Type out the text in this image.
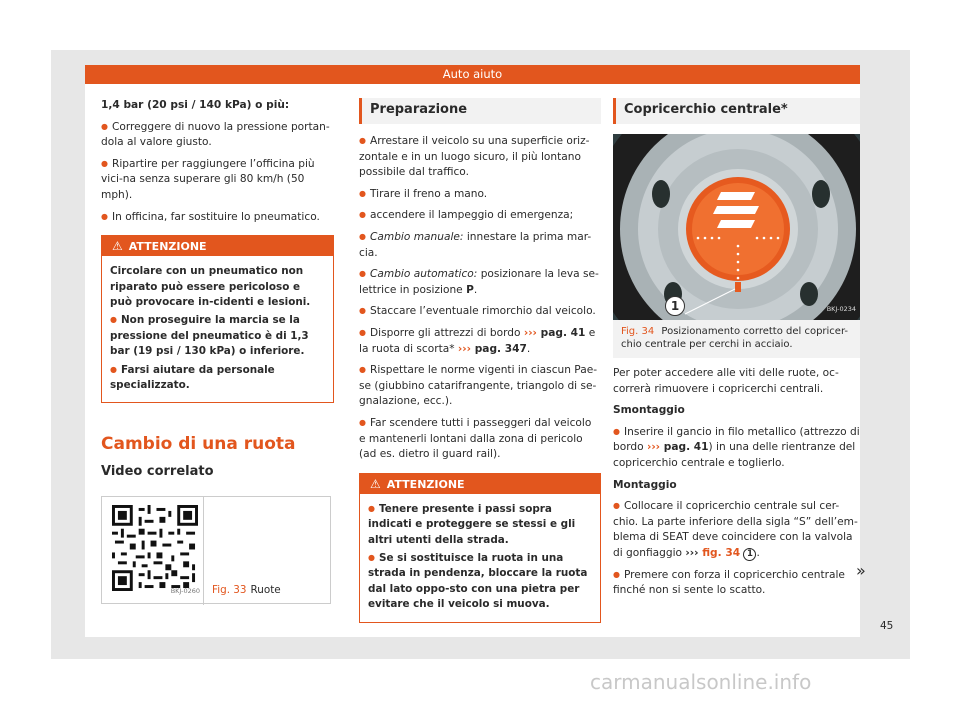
Auto aiuto

1,4 bar (20 psi / 140 kPa) o più:

● Correggere di nuovo la pressione portan-dola al valore giusto.

● Ripartire per raggiungere l’officina più vici-na senza superare gli 80 km/h (50 mph).

● In officina, far sostituire lo pneumatico.

⚠ ATTENZIONE

Circolare con un pneumatico non riparato può essere pericoloso e può provocare in-cidenti e lesioni.

● Non proseguire la marcia se la pressione del pneumatico è di 1,3 bar (19 psi / 130 kPa) o inferiore.

● Farsi aiutare da personale specializzato.

Cambio di una ruota
Video correlato
BKJ-0260 Fig. 33 Ruote
Preparazione

● Arrestare il veicolo su una superficie oriz-zontale e in un luogo sicuro, il più lontano possibile dal traffico.

● Tirare il freno a mano.

● accendere il lampeggio di emergenza;

● Cambio manuale: innestare la prima mar-cia.

● Cambio automatico: posizionare la leva se-lettrice in posizione P.

● Staccare l’eventuale rimorchio dal veicolo.

● Disporre gli attrezzi di bordo ››› pag. 41 e la ruota di scorta* ››› pag. 347.

● Rispettare le norme vigenti in ciascun Pae-se (giubbino catarifrangente, triangolo di se-gnalazione, ecc.).

● Far scendere tutti i passeggeri dal veicolo e mantenerli lontani dalla zona di pericolo (ad es. dietro il guard rail).

⚠ ATTENZIONE

● Tenere presente i passi sopra indicati e proteggere se stessi e gli altri utenti della strada.

● Se si sostituisce la ruota in una strada in pendenza, bloccare la ruota dal lato oppo-sto con una pietra per evitare che il veicolo si muova.

Copricerchio centrale*
1	BKJ-0234
Fig. 34 Posizionamento corretto del copricer-chio centrale per cerchi in acciaio.

Per poter accedere alle viti delle ruote, oc-correrà rimuovere i copricerchi centrali.

Smontaggio

● Inserire il gancio in filo metallico (attrezzo di bordo ››› pag. 41) in una delle rientranze del copricerchio centrale e toglierlo.

Montaggio

● Collocare il copricerchio centrale sul cer-chio. La parte inferiore della sigla “S” dell’em-blema di SEAT deve coincidere con la valvola di gonfiaggio ››› fig. 34 1 .

● Premere con forza il copricerchio centrale finché non si sente lo scatto.

»
45
carmanualsonline.info
